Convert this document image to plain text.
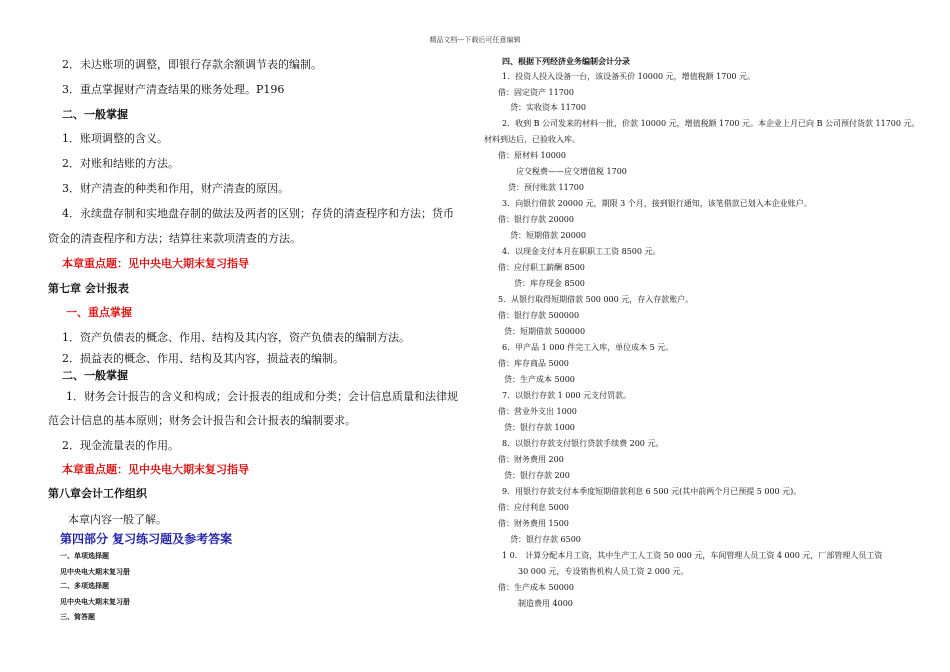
精品文档---下载后可任意编辑
2．未达账项的调整，即银行存款余额调节表的编制。
3．重点掌握财产清查结果的账务处理。P196
二、一般掌握
1．账项调整的含义。
2．对账和结账的方法。
3．财产清查的种类和作用，财产清查的原因。
4．永续盘存制和实地盘存制的做法及两者的区别；存货的清查程序和方法；货币
资金的清查程序和方法；结算往来款项清查的方法。
本章重点题：见中央电大期末复习指导
第七章 会计报表
一、重点掌握
1．资产负债表的概念、作用、结构及其内容，资产负债表的编制方法。
2．损益表的概念、作用、结构及其内容，损益表的编制。
二、一般掌握
1．财务会计报告的含义和构成；会计报表的组成和分类；会计信息质量和法律规
范会计信息的基本原则；财务会计报告和会计报表的编制要求。
2．现金流量表的作用。
本章重点题：见中央电大期末复习指导
第八章会计工作组织
本章内容一般了解。
第四部分 复习练习题及参考答案
一、单项选择题
见中央电大期末复习册
二、多项选择题
见中央电大期末复习册
三、简答题
四、根据下列经济业务编制会计分录
1．投资人投入设备一台，该设备买价 10000 元，增值税额 1700 元。
借：固定资产 11700
贷：实收资本 11700
2．收到 B 公司发来的材料一批，价款 10000 元，增值税额 1700 元。本企业上月已向 B 公司预付货款 11700 元。
材料到达后，已验收入库。
借：原材料 10000
应交税费——应交增值税 1700
贷：预付账款 11700
3．向银行借款 20000 元，期限 3 个月，接到银行通知，该笔借款已划入本企业账户。
借：银行存款 20000
贷：短期借款 20000
4．以现金支付本月在职职工工资 8500 元。
借：应付职工薪酬 8500
贷：库存现金 8500
5．从银行取得短期借款 500 000 元，存入存款账户。
借：银行存款 500000
贷：短期借款 500000
6．甲产品 1 000 件完工入库，单位成本 5 元。
借：库存商品 5000
贷：生产成本 5000
7．以银行存款 1 000 元支付罚款。
借：营业外支出 1000
贷：银行存款 1000
8．以银行存款支付银行贷款手续费 200 元。
借：财务费用 200
贷：银行存款 200
9．用银行存款支付本季度短期借款利息 6 500 元(其中前两个月已预提 5 000 元)。
借：应付利息 5000
借：财务费用 1500
贷：银行存款 6500
1 0． 计算分配本月工资，其中生产工人工资 50 000 元，车间管理人员工资 4 000 元，厂部管理人员工资
30 000 元，专设销售机构人员工资 2 000 元。
借：生产成本 50000
制造费用 4000
